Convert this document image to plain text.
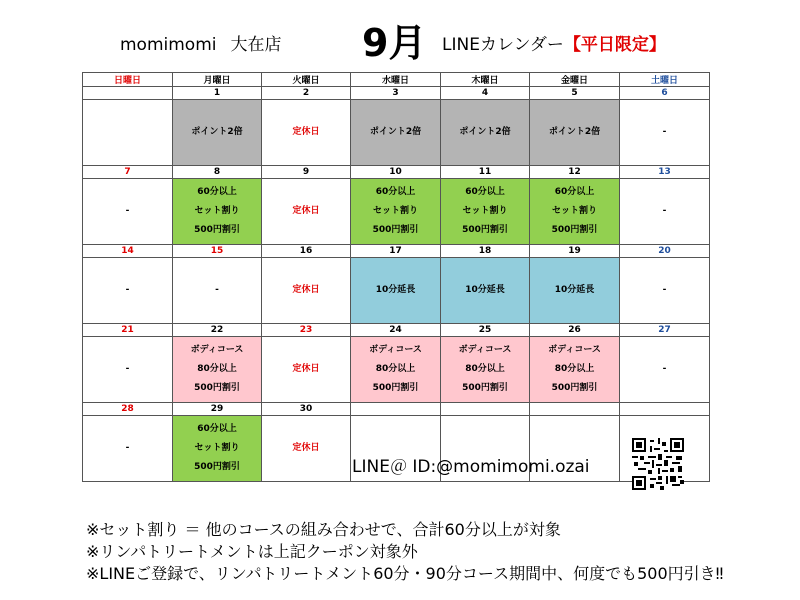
momimomi 大在店 9月 LINEカレンダー【平日限定】
日曜日	月曜日	火曜日	水曜日	木曜日	金曜日	土曜日
	1	2	3	4	5	6

	ポイント2倍	定休日	ポイント2倍	ポイント2倍	ポイント2倍	-

7	8	9	10	11	12	13

-	60分以上
セット割り
500円割引	定休日	60分以上
セット割り
500円割引	60分以上
セット割り
500円割引	60分以上
セット割り
500円割引	-

14	15	16	17	18	19	20

-	-	定休日	10分延長	10分延長	10分延長	-

21	22	23	24	25	26	27

-	ボディコース
80分以上
500円割引	定休日	ボディコース
80分以上
500円割引	ボディコース
80分以上
500円割引	ボディコース
80分以上
500円割引	-

28	29	30				

-	60分以上
セット割り
500円割引	定休日				

LINE＠ ID:@momimomi.ozai
※セット割り ＝ 他のコースの組み合わせで、合計60分以上が対象
※リンパトリートメントは上記クーポン対象外
※LINEご登録で、リンパトリートメント60分・90分コース期間中、何度でも500円引き‼
